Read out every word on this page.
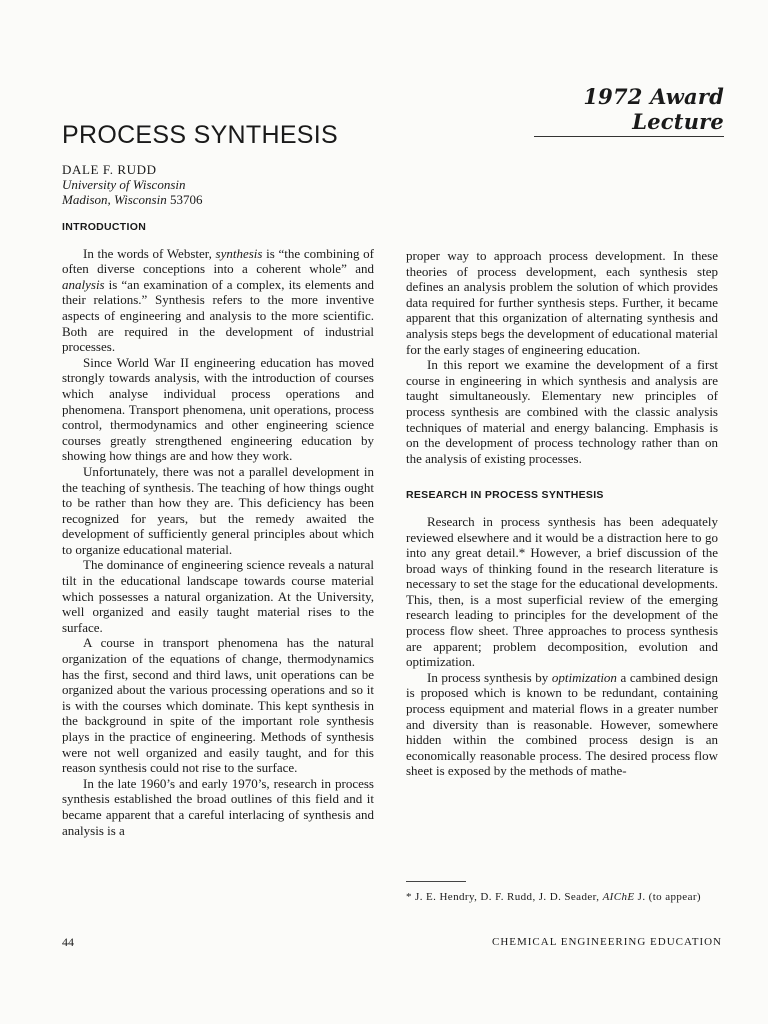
1972 Award Lecture
PROCESS SYNTHESIS
DALE F. RUDD
University of Wisconsin
Madison, Wisconsin 53706
INTRODUCTION

In the words of Webster, synthesis is “the combining of often diverse conceptions into a coherent whole” and analysis is “an examination of a complex, its elements and their relations.” Synthesis refers to the more inventive aspects of engineering and analysis to the more scientific. Both are required in the development of industrial processes.

Since World War II engineering education has moved strongly towards analysis, with the introduction of courses which analyse individual process operations and phenomena. Transport phenomena, unit operations, process control, thermodynamics and other engineering science courses greatly strengthened engineering education by showing how things are and how they work.

Unfortunately, there was not a parallel development in the teaching of synthesis. The teaching of how things ought to be rather than how they are. This deficiency has been recognized for years, but the remedy awaited the development of sufficiently general principles about which to organize educational material.

The dominance of engineering science reveals a natural tilt in the educational landscape towards course material which possesses a natural organization. At the University, well organized and easily taught material rises to the surface.

A course in transport phenomena has the natural organization of the equations of change, thermodynamics has the first, second and third laws, unit operations can be organized about the various processing operations and so it is with the courses which dominate. This kept synthesis in the background in spite of the important role synthesis plays in the practice of engineering. Methods of synthesis were not well organized and easily taught, and for this reason synthesis could not rise to the surface.

In the late 1960’s and early 1970’s, research in process synthesis established the broad outlines of this field and it became apparent that a careful interlacing of synthesis and analysis is a

proper way to approach process development. In these theories of process development, each synthesis step defines an analysis problem the solution of which provides data required for further synthesis steps. Further, it became apparent that this organization of alternating synthesis and analysis steps begs the development of educational material for the early stages of engineering education.

In this report we examine the development of a first course in engineering in which synthesis and analysis are taught simultaneously. Elementary new principles of process synthesis are combined with the classic analysis techniques of material and energy balancing. Emphasis is on the development of process technology rather than on the analysis of existing processes.

RESEARCH IN PROCESS SYNTHESIS

Research in process synthesis has been adequately reviewed elsewhere and it would be a distraction here to go into any great detail.* However, a brief discussion of the broad ways of thinking found in the research literature is necessary to set the stage for the educational developments. This, then, is a most superficial review of the emerging research leading to principles for the development of the process flow sheet. Three approaches to process synthesis are apparent; problem decomposition, evolution and optimization.

In process synthesis by optimization a cambined design is proposed which is known to be redundant, containing process equipment and material flows in a greater number and diversity than is reasonable. However, somewhere hidden within the combined process design is an economically reasonable process. The desired process flow sheet is exposed by the methods of mathe-

* J. E. Hendry, D. F. Rudd, J. D. Seader, AIChE J. (to appear)
44	CHEMICAL ENGINEERING EDUCATION
